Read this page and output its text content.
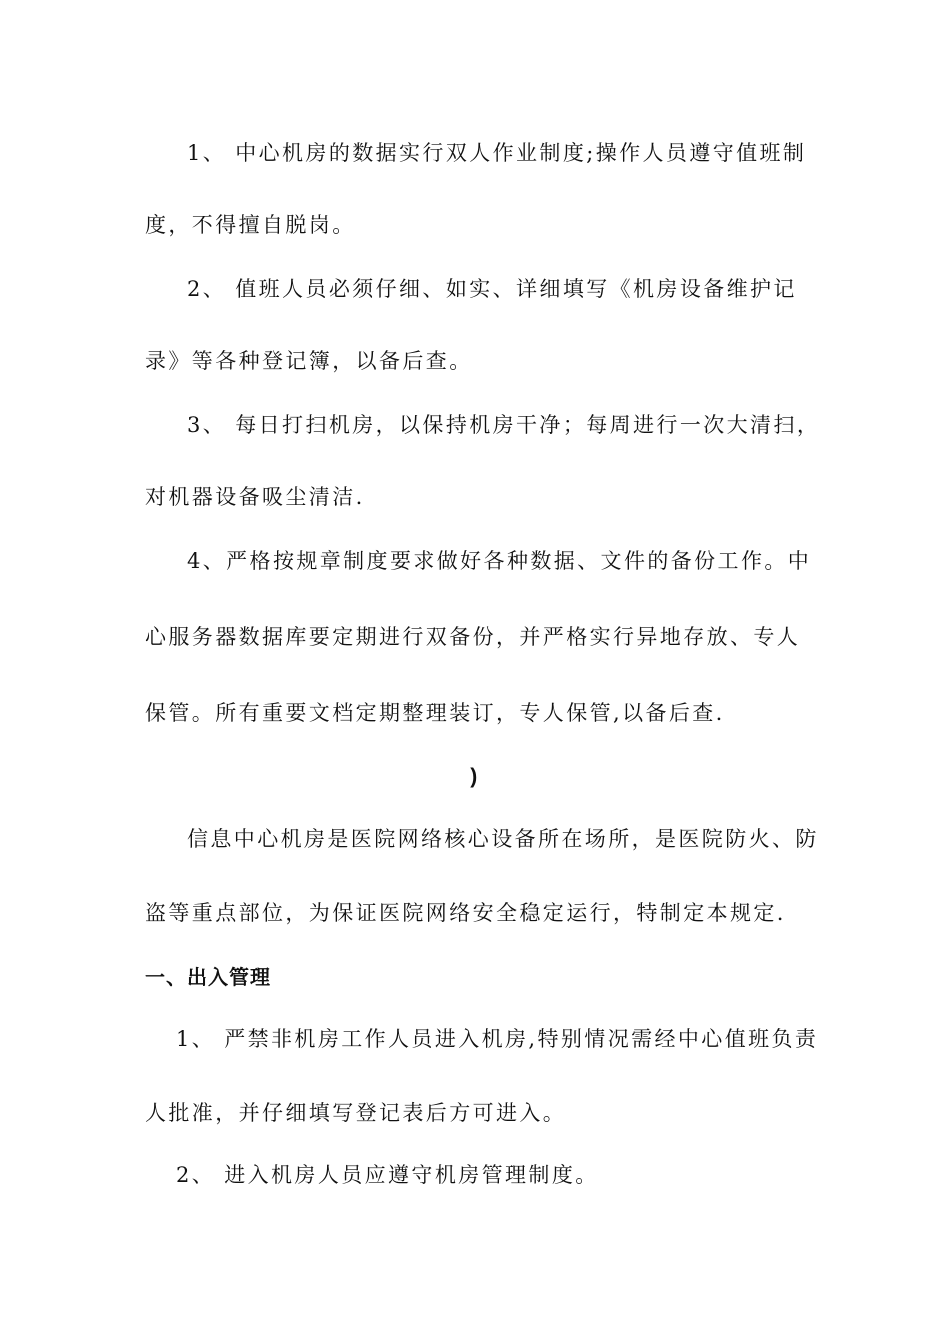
1、 中心机房的数据实行双人作业制度;操作人员遵守值班制
度，不得擅自脱岗。
2、 值班人员必须仔细、如实、详细填写《机房设备维护记
录》等各种登记簿，以备后查。
3、 每日打扫机房，以保持机房干净；每周进行一次大清扫，
对机器设备吸尘清洁.
4、严格按规章制度要求做好各种数据、文件的备份工作。中
心服务器数据库要定期进行双备份，并严格实行异地存放、专人
保管。所有重要文档定期整理装订，专人保管,以备后查.
)
信息中心机房是医院网络核心设备所在场所，是医院防火、防
盗等重点部位，为保证医院网络安全稳定运行，特制定本规定.
一、出入管理
1、 严禁非机房工作人员进入机房,特别情况需经中心值班负责
人批准，并仔细填写登记表后方可进入。
2、 进入机房人员应遵守机房管理制度。
